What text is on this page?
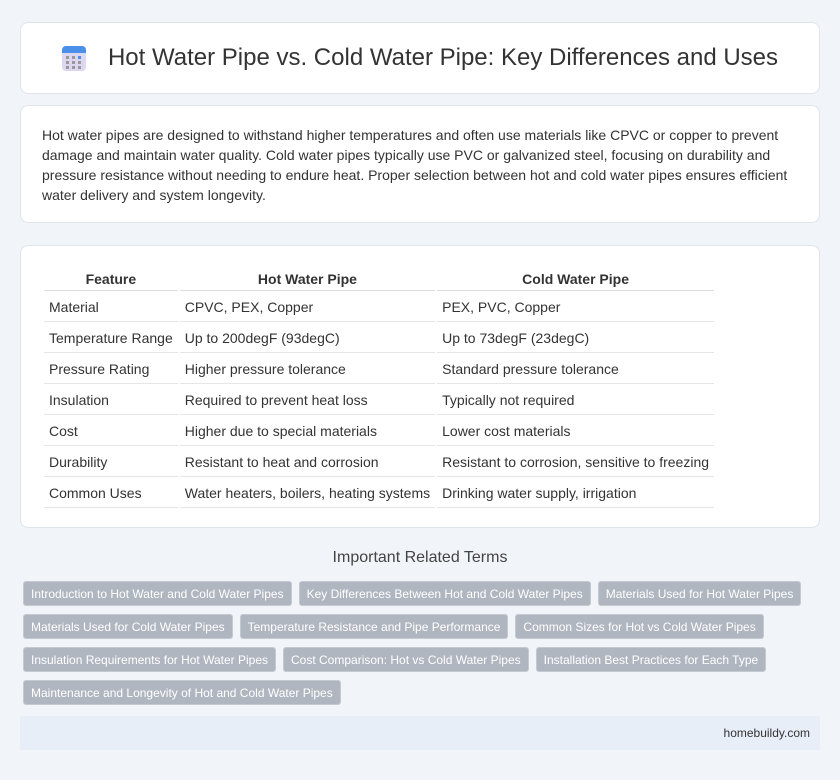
Hot Water Pipe vs. Cold Water Pipe: Key Differences and Uses
Hot water pipes are designed to withstand higher temperatures and often use materials like CPVC or copper to prevent damage and maintain water quality. Cold water pipes typically use PVC or galvanized steel, focusing on durability and pressure resistance without needing to endure heat. Proper selection between hot and cold water pipes ensures efficient water delivery and system longevity.
Feature	Hot Water Pipe	Cold Water Pipe
Material	CPVC, PEX, Copper	PEX, PVC, Copper
Temperature Range	Up to 200degF (93degC)	Up to 73degF (23degC)
Pressure Rating	Higher pressure tolerance	Standard pressure tolerance
Insulation	Required to prevent heat loss	Typically not required
Cost	Higher due to special materials	Lower cost materials
Durability	Resistant to heat and corrosion	Resistant to corrosion, sensitive to freezing
Common Uses	Water heaters, boilers, heating systems	Drinking water supply, irrigation
Important Related Terms
Introduction to Hot Water and Cold Water Pipes	Key Differences Between Hot and Cold Water Pipes	Materials Used for Hot Water Pipes
Materials Used for Cold Water Pipes	Temperature Resistance and Pipe Performance	Common Sizes for Hot vs Cold Water Pipes
Insulation Requirements for Hot Water Pipes	Cost Comparison: Hot vs Cold Water Pipes	Installation Best Practices for Each Type
Maintenance and Longevity of Hot and Cold Water Pipes
homebuildy.com
